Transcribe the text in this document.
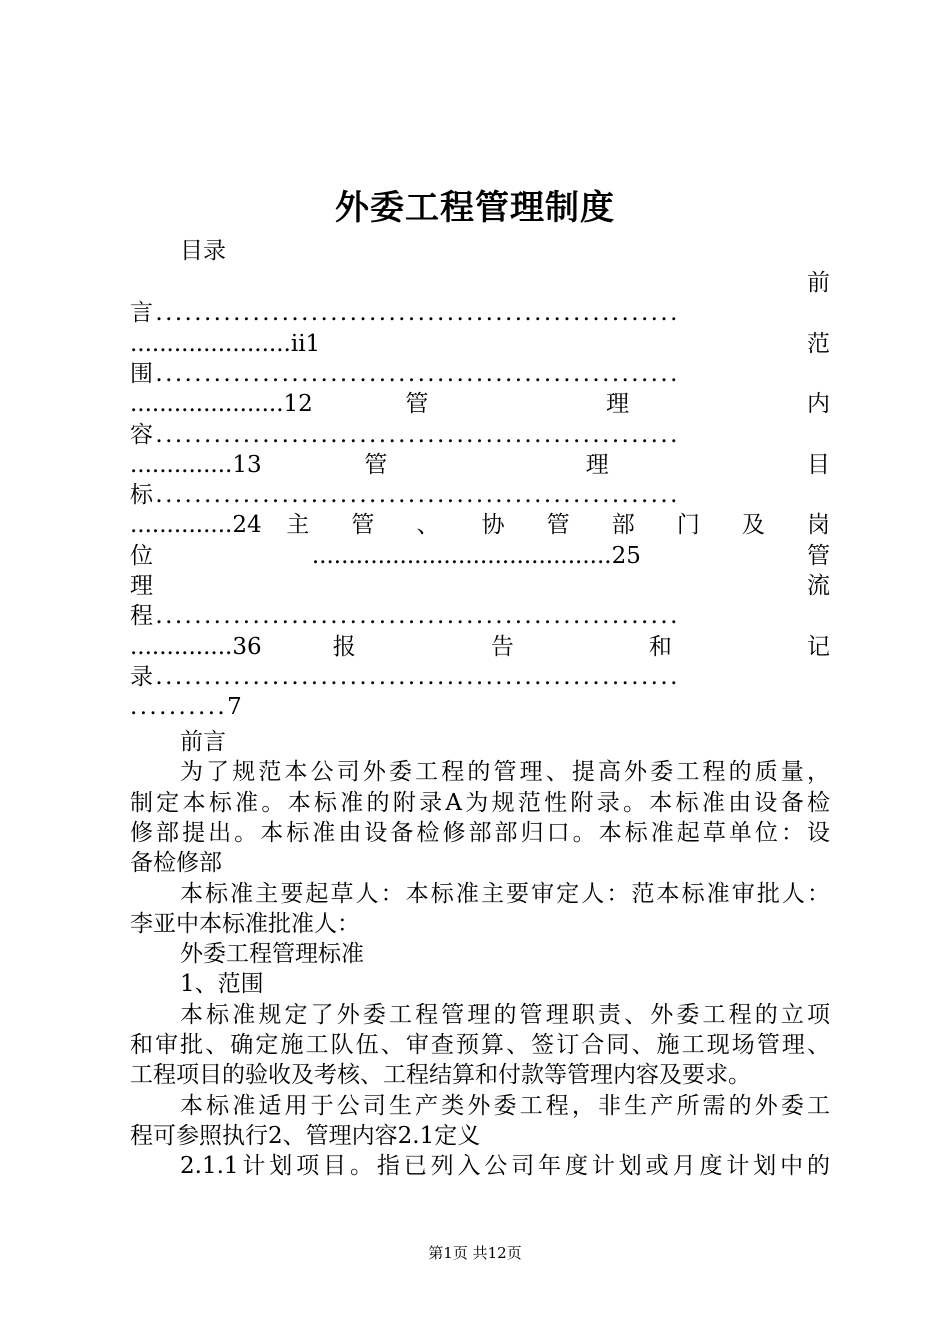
外委工程管理制度
目录
前
言......................................................
......................ii1 范
围......................................................
.....................12 管 理 内
容......................................................
..............13 管 理 目
标......................................................
..............24 主 管 、 协 管 部 门 及 岗
位.........................................25 管
理 流
程......................................................
..............36 报 告 和 记
录......................................................
..........7
前言
为了规范本公司外委工程的管理、提高外委工程的质量，
制定本标准。本标准的附录A为规范性附录。本标准由设备检
修部提出。本标准由设备检修部部归口。本标准起草单位：设
备检修部
本标准主要起草人：本标准主要审定人：范本标准审批人：
李亚中本标准批准人：
外委工程管理标准
1、范围
本标准规定了外委工程管理的管理职责、外委工程的立项
和审批、确定施工队伍、审查预算、签订合同、施工现场管理、
工程项目的验收及考核、工程结算和付款等管理内容及要求。
本标准适用于公司生产类外委工程，非生产所需的外委工
程可参照执行2、管理内容2.1定义
2.1.1计划项目。指已列入公司年度计划或月度计划中的
第1页 共12页
